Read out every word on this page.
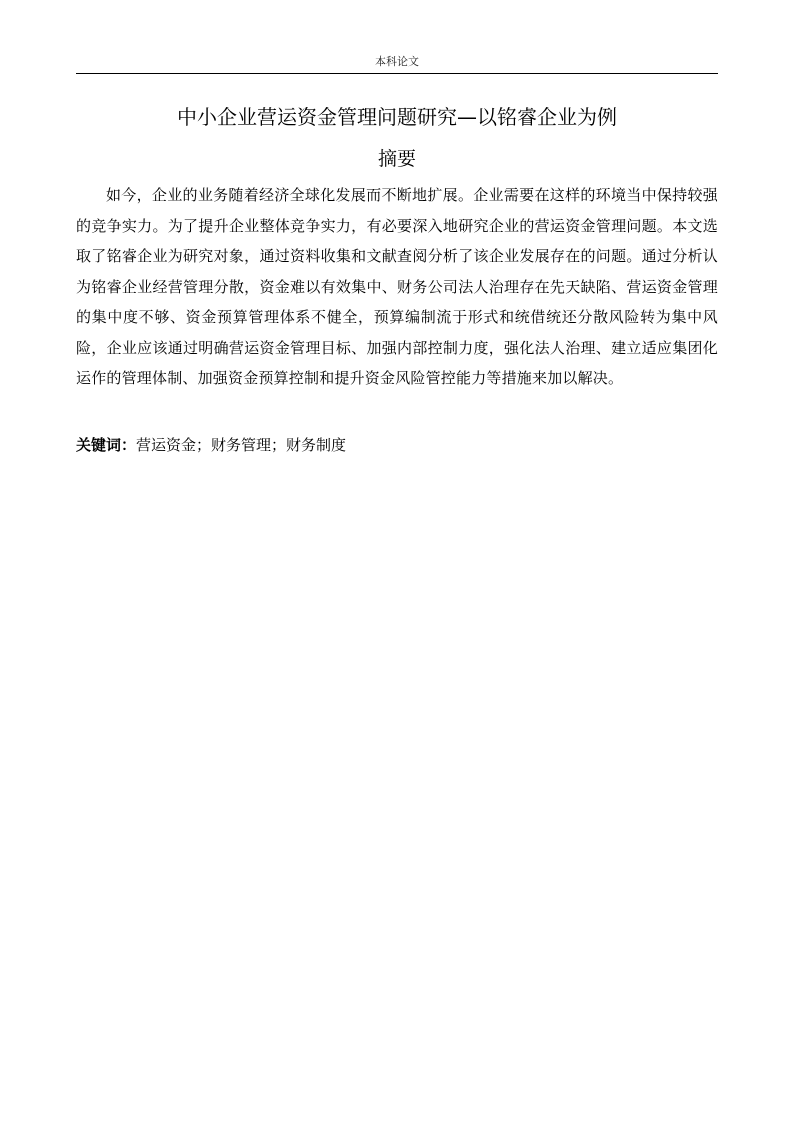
本科论文
中小企业营运资金管理问题研究—以铭睿企业为例
摘要

如今，企业的业务随着经济全球化发展而不断地扩展。企业需要在这样的环境当中保持较强的竞争实力。为了提升企业整体竞争实力，有必要深入地研究企业的营运资金管理问题。本文选取了铭睿企业为研究对象，通过资料收集和文献查阅分析了该企业发展存在的问题。通过分析认为铭睿企业经营管理分散，资金难以有效集中、财务公司法人治理存在先天缺陷、营运资金管理的集中度不够、资金预算管理体系不健全，预算编制流于形式和统借统还分散风险转为集中风险，企业应该通过明确营运资金管理目标、加强内部控制力度，强化法人治理、建立适应集团化运作的管理体制、加强资金预算控制和提升资金风险管控能力等措施来加以解决。

关键词：营运资金；财务管理；财务制度
